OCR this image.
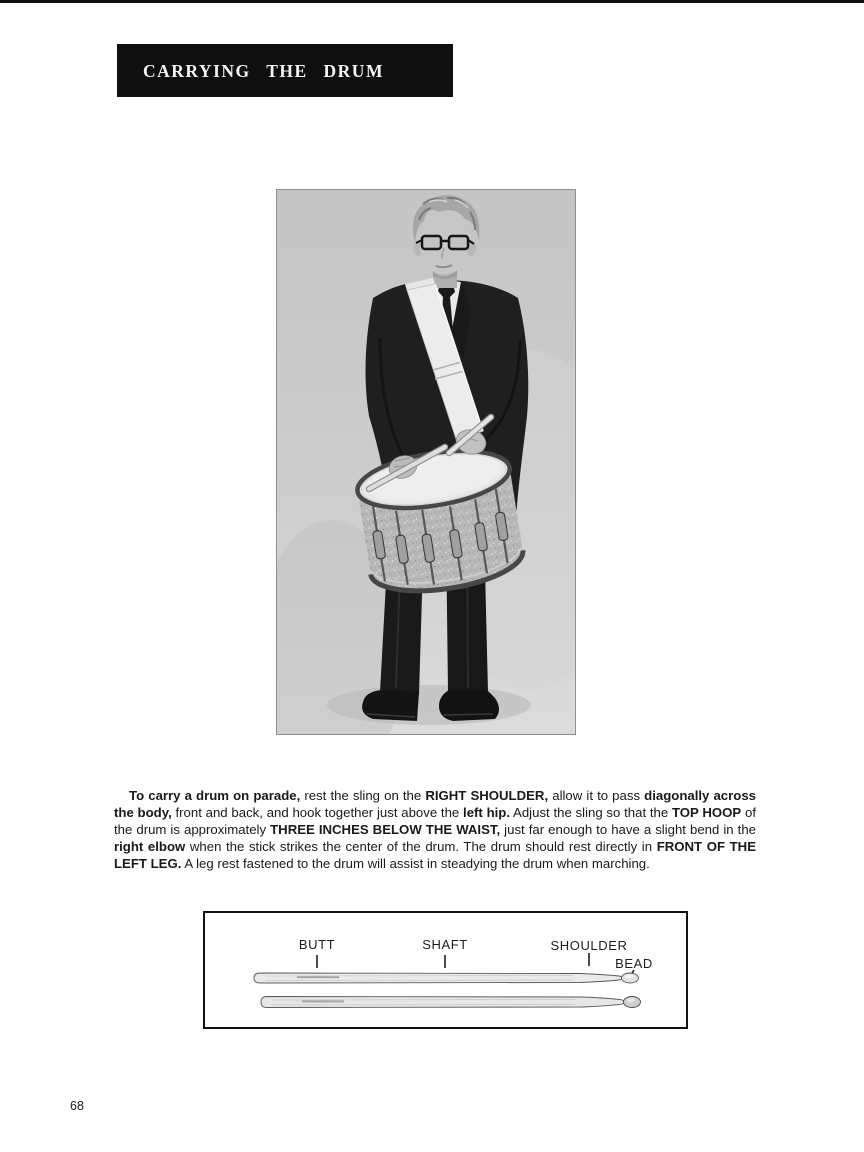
CARRYING THE DRUM

To carry a drum on parade, rest the sling on the RIGHT SHOULDER, allow it to pass diagonally across the body, front and back, and hook together just above the left hip. Adjust the sling so that the TOP HOOP of the drum is approximately THREE INCHES BELOW THE WAIST, just far enough to have a slight bend in the right elbow when the stick strikes the center of the drum. The drum should rest directly in FRONT OF THE LEFT LEG. A leg rest fastened to the drum will assist in steadying the drum when marching.

BUTT	SHAFT	SHOULDER
BEAD
68
